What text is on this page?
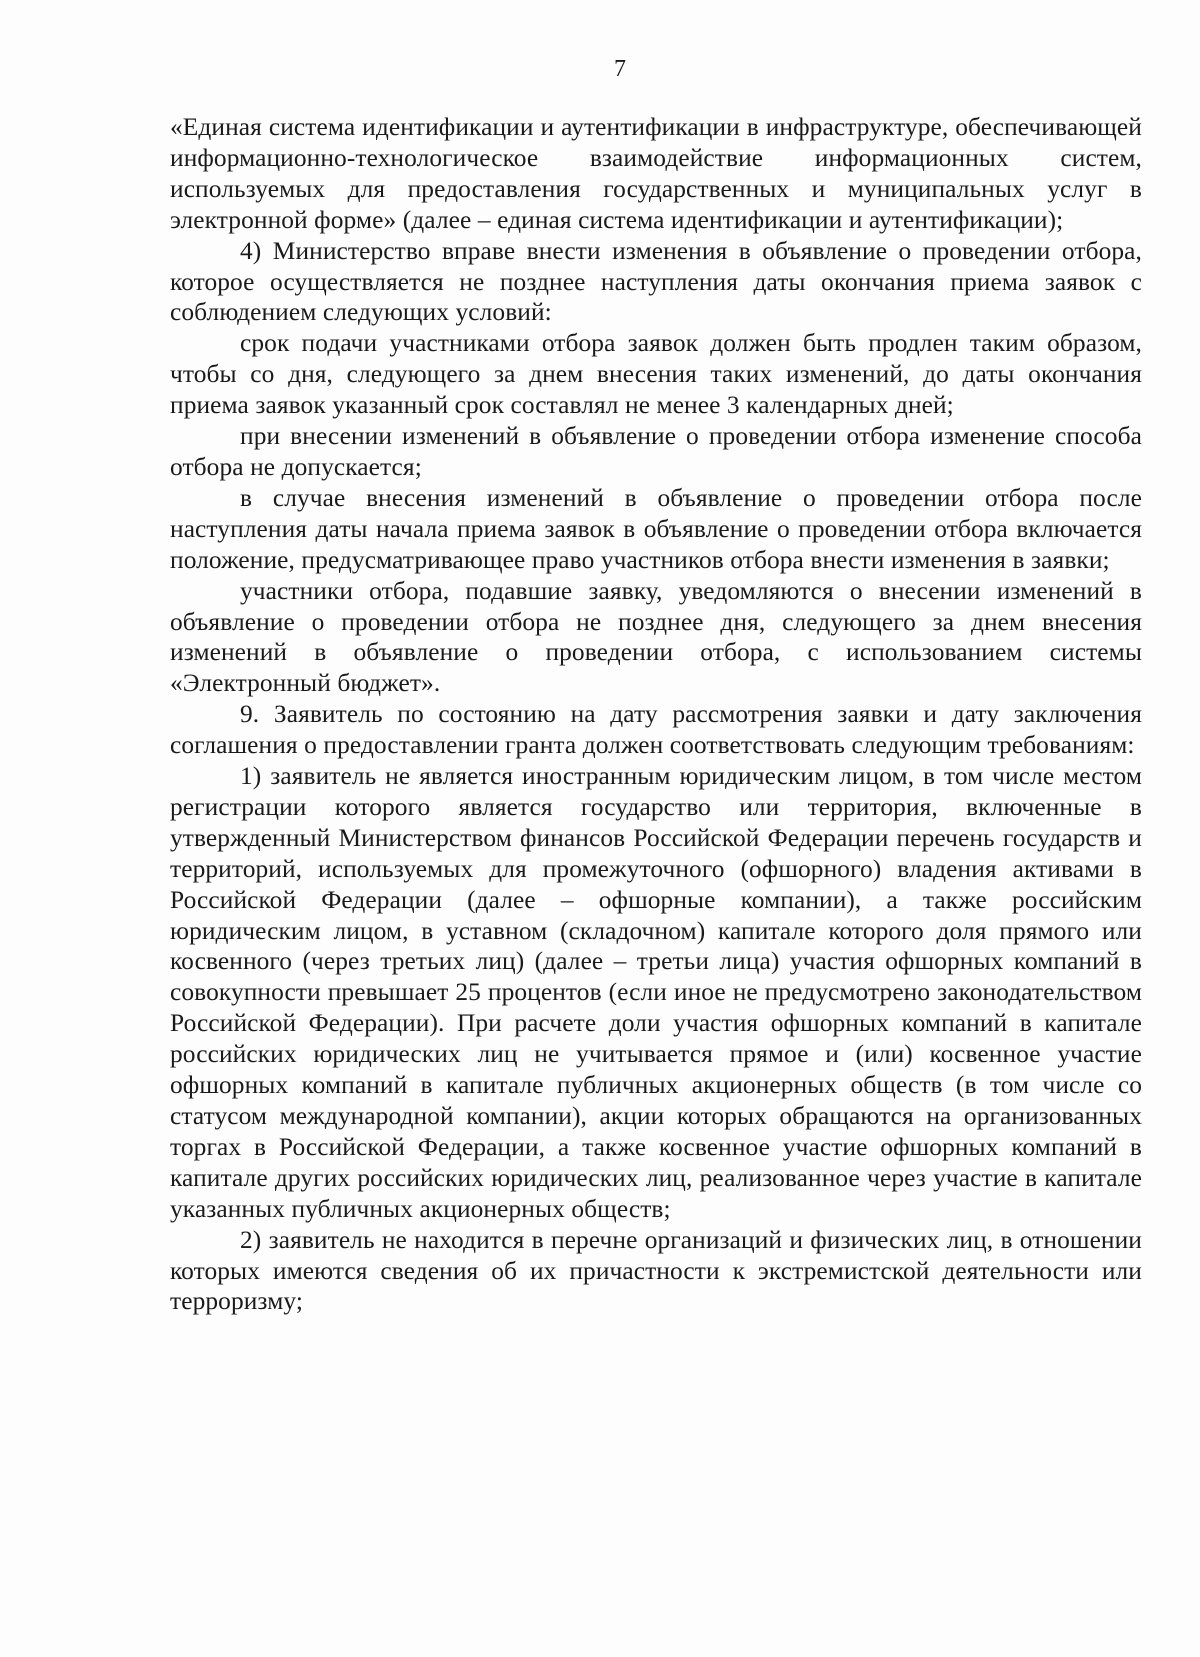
7

«Единая система идентификации и аутентификации в инфраструктуре, обеспечивающей информационно-технологическое взаимодействие информационных систем, используемых для предоставления государственных и муниципальных услуг в электронной форме» (далее – единая система идентификации и аутентификации);

4) Министерство вправе внести изменения в объявление о проведении отбора, которое осуществляется не позднее наступления даты окончания приема заявок с соблюдением следующих условий:

срок подачи участниками отбора заявок должен быть продлен таким образом, чтобы со дня, следующего за днем внесения таких изменений, до даты окончания приема заявок указанный срок составлял не менее 3 календарных дней;

при внесении изменений в объявление о проведении отбора изменение способа отбора не допускается;

в случае внесения изменений в объявление о проведении отбора после наступления даты начала приема заявок в объявление о проведении отбора включается положение, предусматривающее право участников отбора внести изменения в заявки;

участники отбора, подавшие заявку, уведомляются о внесении изменений в объявление о проведении отбора не позднее дня, следующего за днем внесения изменений в объявление о проведении отбора, с использованием системы «Электронный бюджет».

9. Заявитель по состоянию на дату рассмотрения заявки и дату заключения соглашения о предоставлении гранта должен соответствовать следующим требованиям:

1) заявитель не является иностранным юридическим лицом, в том числе местом регистрации которого является государство или территория, включенные в утвержденный Министерством финансов Российской Федерации перечень государств и территорий, используемых для промежуточного (офшорного) владения активами в Российской Федерации (далее – офшорные компании), а также российским юридическим лицом, в уставном (складочном) капитале которого доля прямого или косвенного (через третьих лиц) (далее – третьи лица) участия офшорных компаний в совокупности превышает 25 процентов (если иное не предусмотрено законодательством Российской Федерации). При расчете доли участия офшорных компаний в капитале российских юридических лиц не учитывается прямое и (или) косвенное участие офшорных компаний в капитале публичных акционерных обществ (в том числе со статусом международной компании), акции которых обращаются на организованных торгах в Российской Федерации, а также косвенное участие офшорных компаний в капитале других российских юридических лиц, реализованное через участие в капитале указанных публичных акционерных обществ;

2) заявитель не находится в перечне организаций и физических лиц, в отношении которых имеются сведения об их причастности к экстремистской деятельности или терроризму;
